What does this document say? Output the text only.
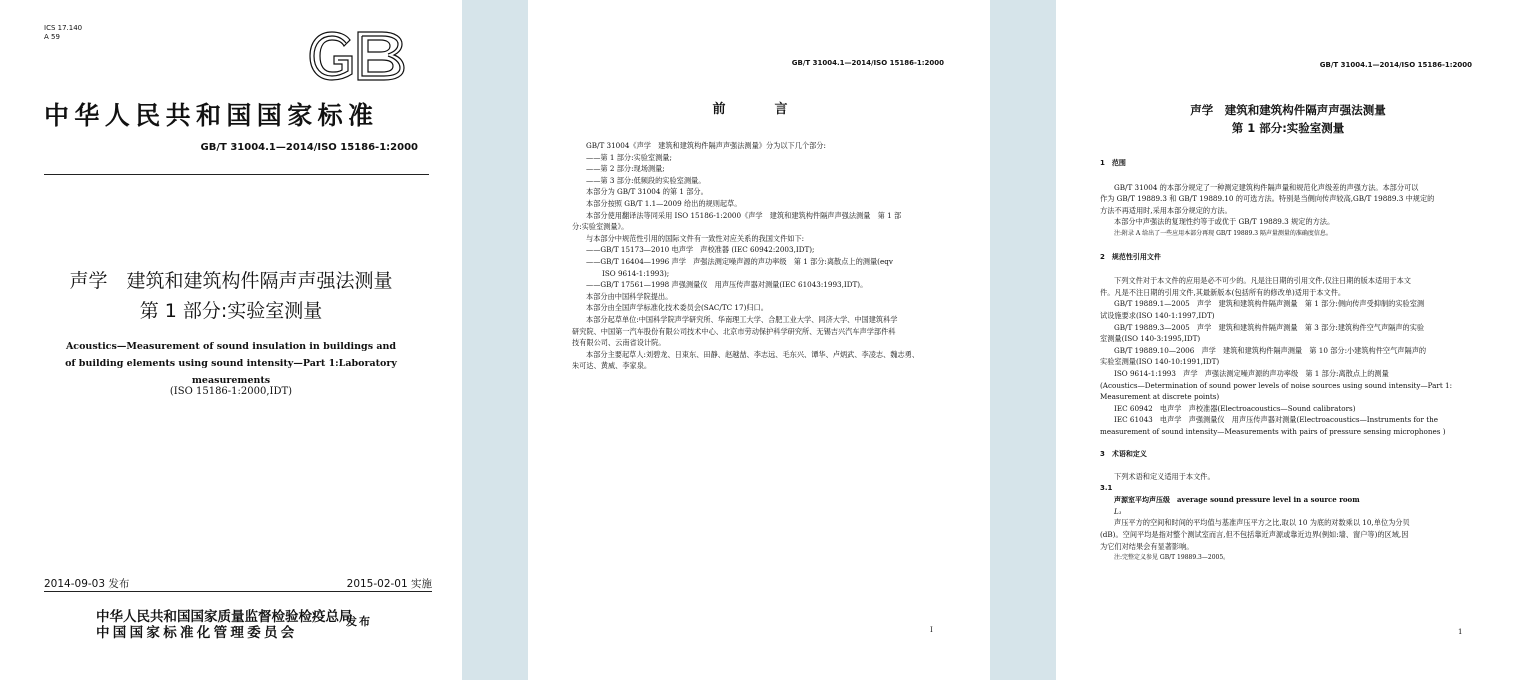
ICS 17.140
A 59
中华人民共和国国家标准
GB/T 31004.1—2014/ISO 15186-1:2000
声学　建筑和建筑构件隔声声强法测量
第 1 部分:实验室测量
Acoustics—Measurement of sound insulation in buildings and of building elements using sound intensity—Part 1:Laboratory measurements
(ISO 15186-1:2000,IDT)
2014-09-03 发布	2015-02-01 实施
中华人民共和国国家质量监督检验检疫总局
中国国家标准化管理委员会
发布
GB/T 31004.1—2014/ISO 15186-1:2000
前　言
GB/T 31004《声学　建筑和建筑构件隔声声强法测量》分为以下几个部分:
——第 1 部分:实验室测量;
——第 2 部分:现场测量;
——第 3 部分:低频段的实验室测量。
本部分为 GB/T 31004 的第 1 部分。
本部分按照 GB/T 1.1—2009 给出的规则起草。
本部分使用翻译法等同采用 ISO 15186-1:2000《声学　建筑和建筑构件隔声声强法测量　第 1 部
分:实验室测量》。
与本部分中规范性引用的国际文件有一致性对应关系的我国文件如下:
——GB/T 15173—2010 电声学　声校准器 (IEC 60942:2003,IDT);
——GB/T 16404—1996 声学　声强法测定噪声源的声功率级　第 1 部分:离散点上的测量(eqv
ISO 9614-1:1993);
——GB/T 17561—1998 声强测量仪　用声压传声器对测量(IEC 61043:1993,IDT)。
本部分由中国科学院提出。
本部分由全国声学标准化技术委员会(SAC/TC 17)归口。
本部分起草单位:中国科学院声学研究所、华南理工大学、合肥工业大学、同济大学、中国建筑科学
研究院、中国第一汽车股份有限公司技术中心、北京市劳动保护科学研究所、无锡吉兴汽车声学部件科
技有限公司、云南省设计院。
本部分主要起草人:刘碧龙、日束东、田静、赵越喆、李志远、毛东兴、谭华、卢炳武、李凌志、魏志勇、
朱可达、黄威、李家泉。
I
GB/T 31004.1—2014/ISO 15186-1:2000
声学　建筑和建筑构件隔声声强法测量
第 1 部分:实验室测量
1　范围
GB/T 31004 的本部分规定了一种测定建筑构件隔声量和规范化声级差的声强方法。本部分可以
作为 GB/T 19889.3 和 GB/T 19889.10 的可选方法。特别是当侧向传声较高,GB/T 19889.3 中规定的
方法不再适用时,采用本部分规定的方法。
本部分中声强法的复现性约等于或优于 GB/T 19889.3 规定的方法。
注:附录 A 给出了一些应用本部分再现 GB/T 19889.3 隔声量测量的准确度信息。
2　规范性引用文件
下列文件对于本文件的应用是必不可少的。凡是注日期的引用文件,仅注日期的版本适用于本文
件。凡是不注日期的引用文件,其最新版本(包括所有的修改单)适用于本文件。
GB/T 19889.1—2005　声学　建筑和建筑构件隔声测量　第 1 部分:侧向传声受抑制的实验室测
试设施要求(ISO 140-1:1997,IDT)
GB/T 19889.3—2005　声学　建筑和建筑构件隔声测量　第 3 部分:建筑构件空气声隔声的实验
室测量(ISO 140-3:1995,IDT)
GB/T 19889.10—2006　声学　建筑和建筑构件隔声测量　第 10 部分:小建筑构件空气声隔声的
实验室测量(ISO 140-10:1991,IDT)
ISO 9614-1:1993　声学　声强法测定噪声源的声功率级　第 1 部分:离散点上的测量
(Acoustics—Determination of sound power levels of noise sources using sound intensity—Part 1:
Measurement at discrete points)
IEC 60942　电声学　声校准器(Electroacoustics—Sound calibrators)
IEC 61043　电声学　声强测量仪　用声压传声器对测量(Electroacoustics—Instruments for the
measurement of sound intensity—Measurements with pairs of pressure sensing microphones )
3　术语和定义
下列术语和定义适用于本文件。
3.1
声源室平均声压级　average sound pressure level in a source room
L₁
声压平方的空间和时间的平均值与基准声压平方之比,取以 10 为底的对数乘以 10,单位为分贝
(dB)。空间平均是指对整个测试室而言,但不包括靠近声源或靠近边界(例如:墙、窗户等)的区域,因
为它们对结果会有显著影响。
注:完整定义参见 GB/T 19889.3—2005。
1
